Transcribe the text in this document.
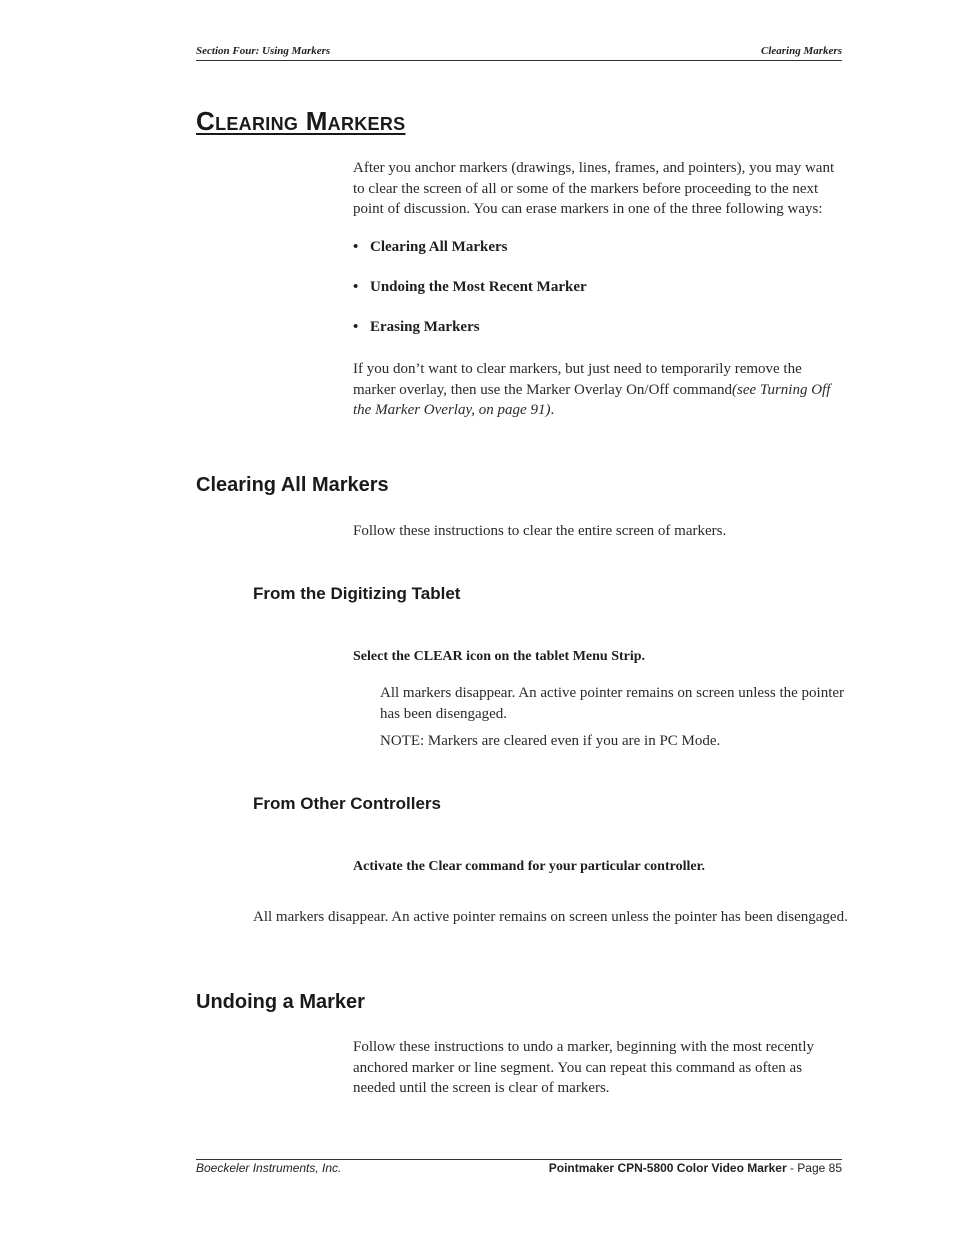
Section Four: Using Markers	Clearing Markers
Clearing Markers

After you anchor markers (drawings, lines, frames, and pointers), you may want to clear the screen of all or some of the markers before proceeding to the next point of discussion. You can erase markers in one of the three following ways:

• Clearing All Markers
• Undoing the Most Recent Marker
• Erasing Markers

If you don’t want to clear markers, but just need to temporarily remove the marker overlay, then use the Marker Overlay On/Off command(see Turning Off the Marker Overlay, on page 91).

Clearing All Markers

Follow these instructions to clear the entire screen of markers.

From the Digitizing Tablet
Select the CLEAR icon on the tablet Menu Strip.

All markers disappear. An active pointer remains on screen unless the pointer has been disengaged.

NOTE: Markers are cleared even if you are in PC Mode.

From Other Controllers
Activate the Clear command for your particular controller.

All markers disappear. An active pointer remains on screen unless the pointer has been disengaged.

Undoing a Marker

Follow these instructions to undo a marker, beginning with the most recently anchored marker or line segment. You can repeat this command as often as needed until the screen is clear of markers.

Boeckeler Instruments, Inc.	Pointmaker CPN-5800 Color Video Marker - Page 85
